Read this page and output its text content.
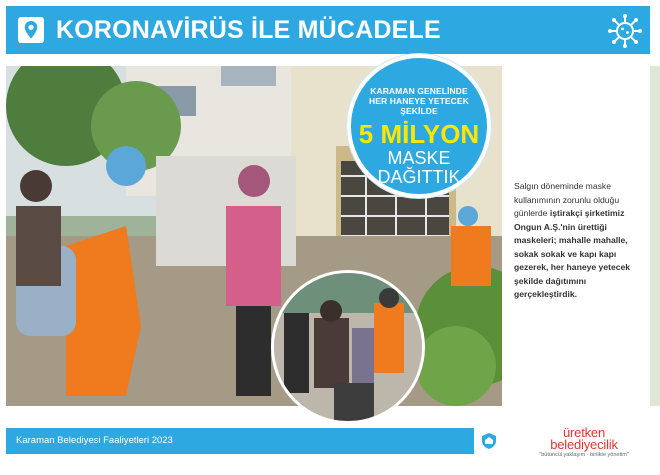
KORONAVİRÜS İLE MÜCADELE
KARAMAN GENELİNDE
HER HANEYE YETECEK ŞEKİLDE
5 MİLYON
MASKE
DAĞITTIK	Salgın döneminde maske kullanımının zorunlu olduğu günlerde iştirakçi şirketimiz Ongun A.Ş.'nin ürettiği maskeleri; mahalle mahalle, sokak sokak ve kapı kapı gezerek, her haneye yetecek şekilde dağıtımını gerçekleştirdik.
Karaman Belediyesi Faaliyetleri 2023
üretken
belediyecilik
"bütüncül yaklaşım - birlikte yönetim"
